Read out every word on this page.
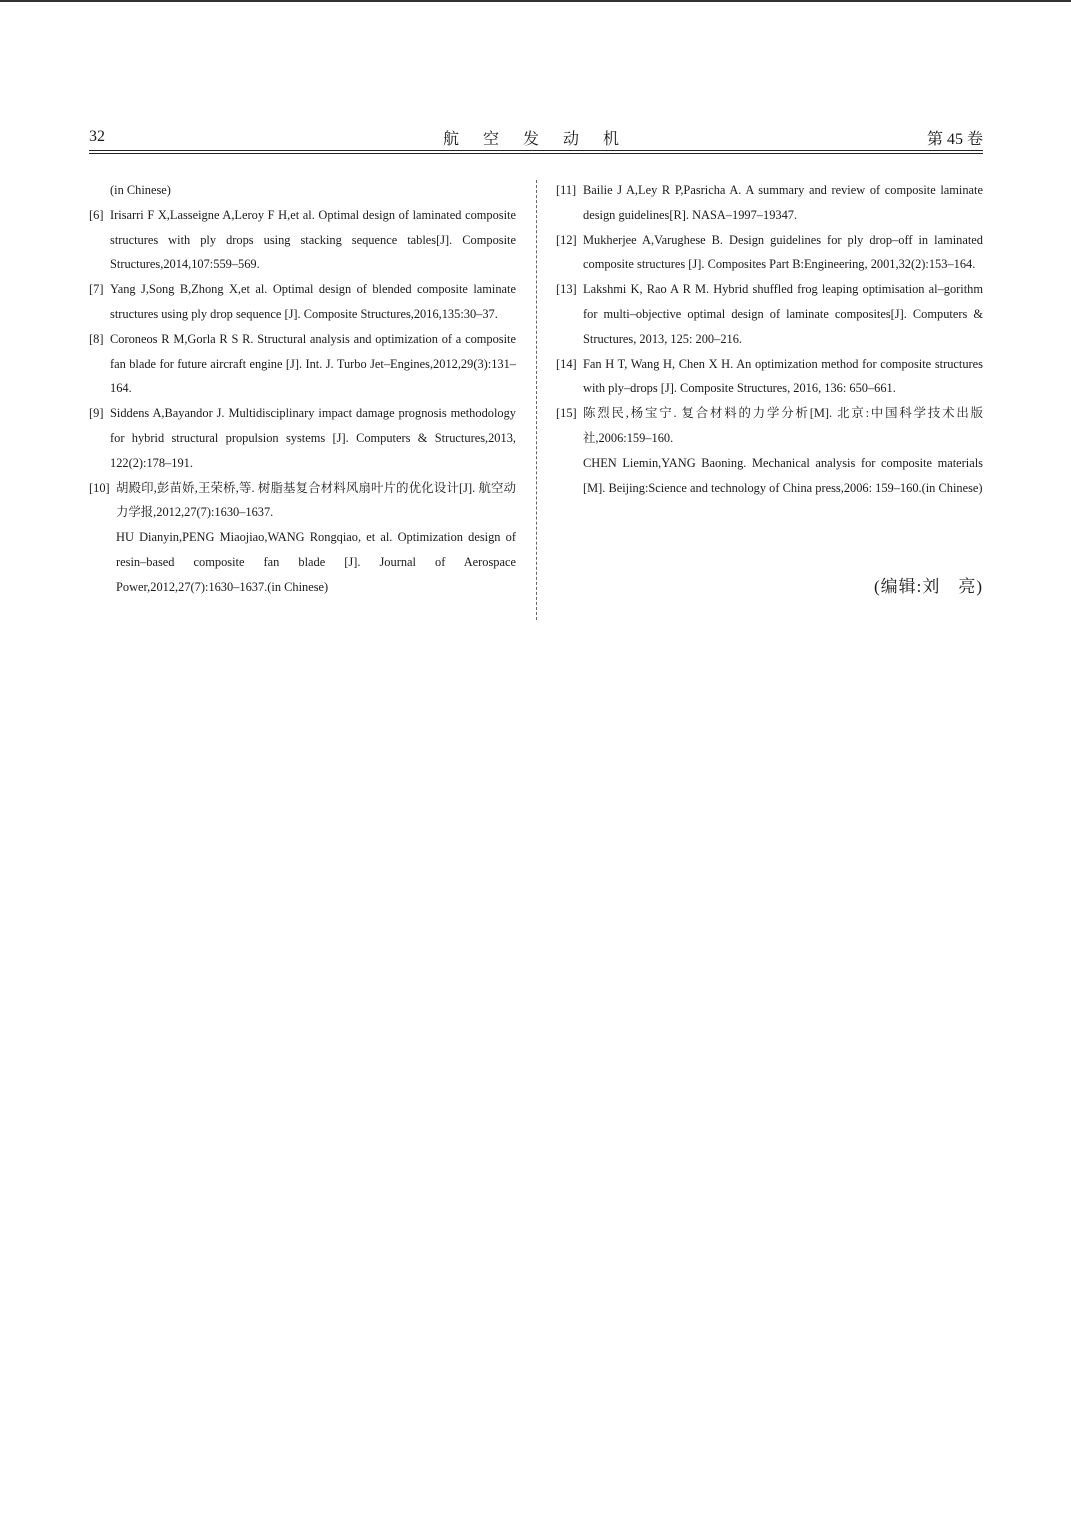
32	航 空 发 动 机	第 45 卷
(in Chinese)
[6] Irisarri F X,Lasseigne A,Leroy F H,et al. Optimal design of laminated composite structures with ply drops using stacking sequence tables[J]. Composite Structures,2014,107:559–569.
[7] Yang J,Song B,Zhong X,et al. Optimal design of blended composite laminate structures using ply drop sequence [J]. Composite Structures,2016,135:30–37.
[8] Coroneos R M,Gorla R S R. Structural analysis and optimization of a composite fan blade for future aircraft engine [J]. Int. J. Turbo Jet–Engines,2012,29(3):131–164.
[9] Siddens A,Bayandor J. Multidisciplinary impact damage prognosis methodology for hybrid structural propulsion systems [J]. Computers & Structures,2013, 122(2):178–191.
[10] 胡殿印,彭苗娇,王荣桥,等. 树脂基复合材料风扇叶片的优化设计[J]. 航空动力学报,2012,27(7):1630–1637.
HU Dianyin,PENG Miaojiao,WANG Rongqiao, et al. Optimization design of resin–based composite fan blade [J]. Journal of Aerospace Power,2012,27(7):1630–1637.(in Chinese)
[11] Bailie J A,Ley R P,Pasricha A. A summary and review of composite laminate design guidelines[R]. NASA–1997–19347.
[12] Mukherjee A,Varughese B. Design guidelines for ply drop–off in laminated composite structures [J]. Composites Part B:Engineering, 2001,32(2):153–164.
[13] Lakshmi K, Rao A R M. Hybrid shuffled frog leaping optimisation al–gorithm for multi–objective optimal design of laminate composites[J]. Computers & Structures, 2013, 125: 200–216.
[14] Fan H T, Wang H, Chen X H. An optimization method for composite structures with ply–drops [J]. Composite Structures, 2016, 136: 650–661.
[15] 陈烈民,杨宝宁. 复合材料的力学分析[M]. 北京:中国科学技术出版社,2006:159–160.
CHEN Liemin,YANG Baoning. Mechanical analysis for composite materials [M]. Beijing:Science and technology of China press,2006: 159–160.(in Chinese)
(编辑:刘　亮)
